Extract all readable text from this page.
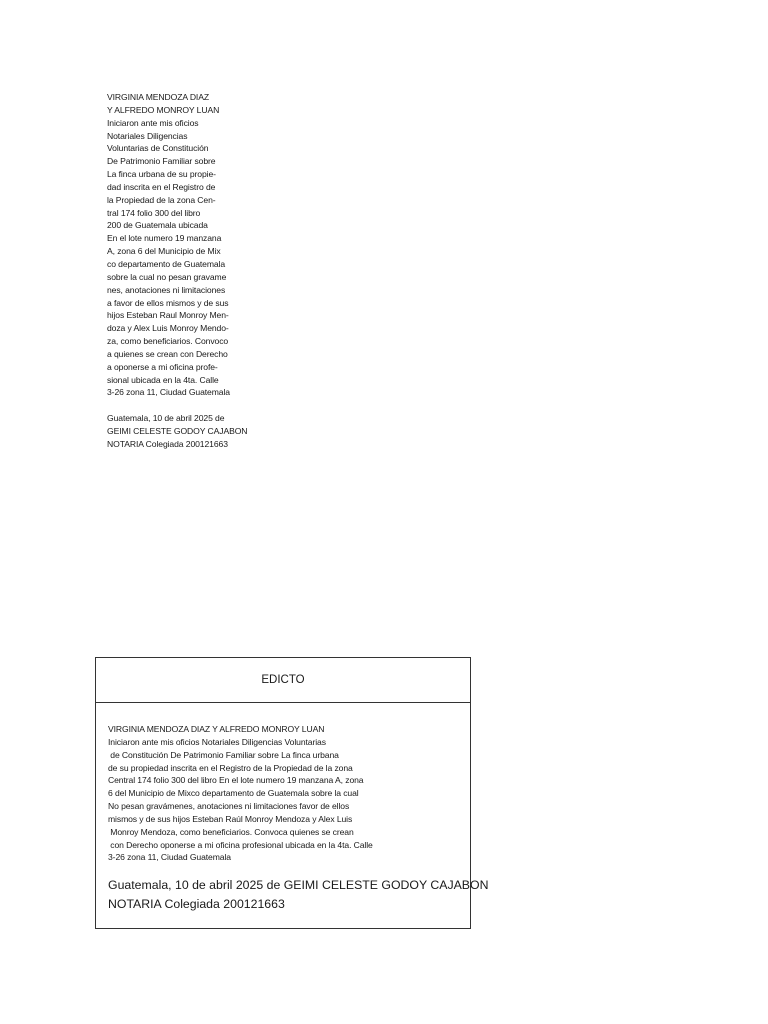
VIRGINIA MENDOZA DIAZ
Y ALFREDO MONROY LUAN
Iniciaron ante mis oficios
Notariales Diligencias
Voluntarias de Constitución
De Patrimonio Familiar sobre
La finca urbana de su propie-
dad inscrita en el Registro de
la Propiedad de la zona Cen-
tral 174 folio 300 del libro
200 de Guatemala ubicada
En el lote numero 19 manzana
A, zona 6 del Municipio de Mix
co departamento de Guatemala
sobre la cual no pesan gravame
nes, anotaciones ni limitaciones
a favor de ellos mismos y de sus
hijos Esteban Raul Monroy Men-
doza y Alex Luis Monroy Mendo-
za, como beneficiarios. Convoco
a quienes se crean con Derecho
a oponerse a mi oficina profe-
sional ubicada en la 4ta. Calle
3-26 zona 11, Ciudad Guatemala
Guatemala, 10 de abril 2025 de
GEIMI CELESTE GODOY CAJABON
NOTARIA Colegiada 200121663
EDICTO
VIRGINIA MENDOZA DIAZ Y ALFREDO MONROY LUAN
Iniciaron ante mis oficios Notariales Diligencias Voluntarias
de Constitución De Patrimonio Familiar sobre La finca urbana
de su propiedad inscrita en el Registro de la Propiedad de la zona
Central 174 folio 300 del libro En el lote numero 19 manzana A, zona
6 del Municipio de Mixco departamento de Guatemala sobre la cual
No pesan gravámenes, anotaciones ni limitaciones favor de ellos
mismos y de sus hijos Esteban Raúl Monroy Mendoza y Alex Luis
Monroy Mendoza, como beneficiarios. Convoca quienes se crean
con Derecho oponerse a mi oficina profesional ubicada en la 4ta. Calle
3-26 zona 11, Ciudad Guatemala
Guatemala, 10 de abril 2025 de GEIMI CELESTE GODOY CAJABON
NOTARIA Colegiada 200121663
